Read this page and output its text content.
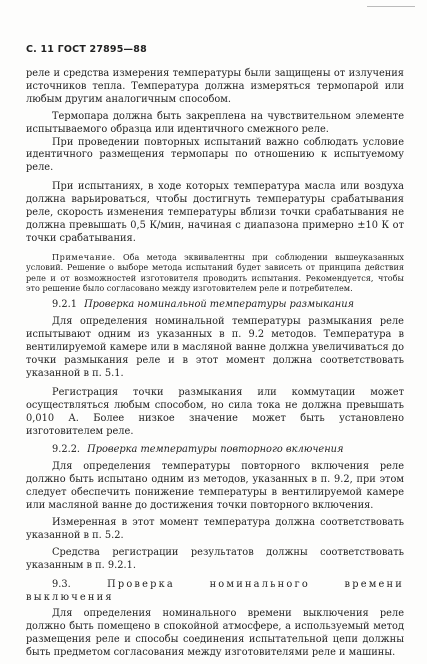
С. 11 ГОСТ 27895—88

реле и средства измерения температуры были защищены от излучения источников тепла. Температура должна измеряться термопарой или любым другим аналогичным способом.

Термопара должна быть закреплена на чувствительном элементе испытываемого образца или идентичного смежного реле.

При проведении повторных испытаний важно соблюдать условие идентичного размещения термопары по отношению к испытуемому реле.

При испытаниях, в ходе которых температура масла или воздуха должна варьироваться, чтобы достигнуть температуры срабатывания реле, скорость изменения температуры вблизи точки срабатывания не должна превышать 0,5 К/мин, начиная с диапазона примерно ±10 К от точки срабатывания.

Примечание. Оба метода эквивалентны при соблюдении вышеуказанных условий. Решение о выборе метода испытаний будет зависеть от принципа действия реле и от возможностей изготовителя проводить испытания. Рекомендуется, чтобы это решение было согласовано между изготовителем реле и потребителем.

9.2.1 Проверка номинальной температуры размыкания

Для определения номинальной температуры размыкания реле испытывают одним из указанных в п. 9.2 методов. Температура в вентилируемой камере или в масляной ванне должна увеличиваться до точки размыкания реле и в этот момент должна соответствовать указанной в п. 5.1.

Регистрация точки размыкания или коммутации может осуществляться любым способом, но сила тока не должна превышать 0,010 А. Более низкое значение может быть установлено изготовителем реле.

9.2.2. Проверка температуры повторного включения

Для определения температуры повторного включения реле должно быть испытано одним из методов, указанных в п. 9.2, при этом следует обеспечить понижение температуры в вентилируемой камере или масляной ванне до достижения точки повторного включения.

Измеренная в этот момент температура должна соответствовать указанной в п. 5.2.

Средства регистрации результатов должны соответствовать указанным в п. 9.2.1.

9.3.	Проверка номинального времени выключения

Для определения номинального времени выключения реле должно быть помещено в спокойной атмосфере, а используемый метод размещения реле и способы соединения испытательной цепи должны быть предметом согласования между изготовителями реле и машины.
